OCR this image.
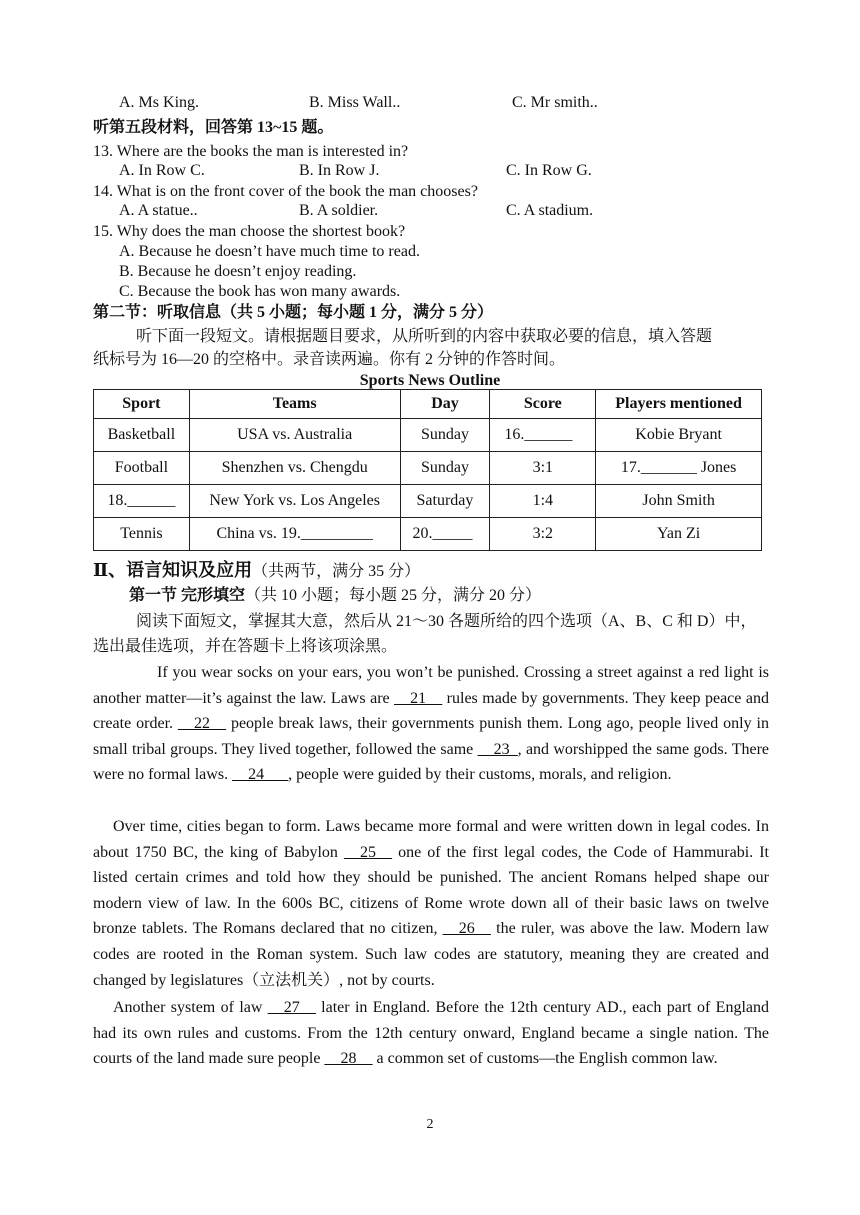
A. Ms King.	B. Miss Wall..	C. Mr smith..
听第五段材料，回答第 13~15 题。
13. Where are the books the man is interested in?
A. In Row C.	B. In Row J.	C. In Row G.
14. What is on the front cover of the book the man chooses?
A. A statue..	B. A soldier.	C. A stadium.
15. Why does the man choose the shortest book?
A. Because he doesn’t have much time to read.
B. Because he doesn’t enjoy reading.
C. Because the book has won many awards.
第二节：听取信息（共 5 小题；每小题 1 分，满分 5 分）
听下面一段短文。请根据题目要求，从所听到的内容中获取必要的信息，填入答题
纸标号为 16—20 的空格中。录音读两遍。你有 2 分钟的作答时间。
Sports News Outline
Sport	Teams	Day	Score	Players mentioned
Basketball	USA vs. Australia	Sunday	16.______	Kobie Bryant
Football	Shenzhen vs. Chengdu	Sunday	3:1	17._______ Jones
18.______	New York vs. Los Angeles	Saturday	1:4	John Smith
Tennis	China vs. 19._________	20._____	3:2	Yan Zi
Ⅱ、语言知识及应用（共两节，满分 35 分）
第一节 完形填空（共 10 小题；每小题 25 分，满分 20 分）
阅读下面短文，掌握其大意，然后从 21～30 各题所给的四个选项（A、B、C 和 D）中，
选出最佳选项，并在答题卡上将该项涂黑。
If you wear socks on your ears, you won’t be punished. Crossing a street against a red light is another matter—it’s against the law. Laws are __21__ rules made by governments. They keep peace and create order. __22__ people break laws, their governments punish them. Long ago, people lived only in small tribal groups. They lived together, followed the same __23_, and worshipped the same gods. There were no formal laws. __24___, people were guided by their customs, morals, and religion.
Over time, cities began to form. Laws became more formal and were written down in legal codes. In about 1750 BC, the king of Babylon __25__ one of the first legal codes, the Code of Hammurabi. It listed certain crimes and told how they should be punished. The ancient Romans helped shape our modern view of law. In the 600s BC, citizens of Rome wrote down all of their basic laws on twelve bronze tablets. The Romans declared that no citizen, __26__ the ruler, was above the law. Modern law codes are rooted in the Roman system. Such law codes are statutory, meaning they are created and changed by legislatures（立法机关）, not by courts.
Another system of law __27__ later in England. Before the 12th century AD., each part of England had its own rules and customs. From the 12th century onward, England became a single nation. The courts of the land made sure people __28__ a common set of customs—the English common law.
2
